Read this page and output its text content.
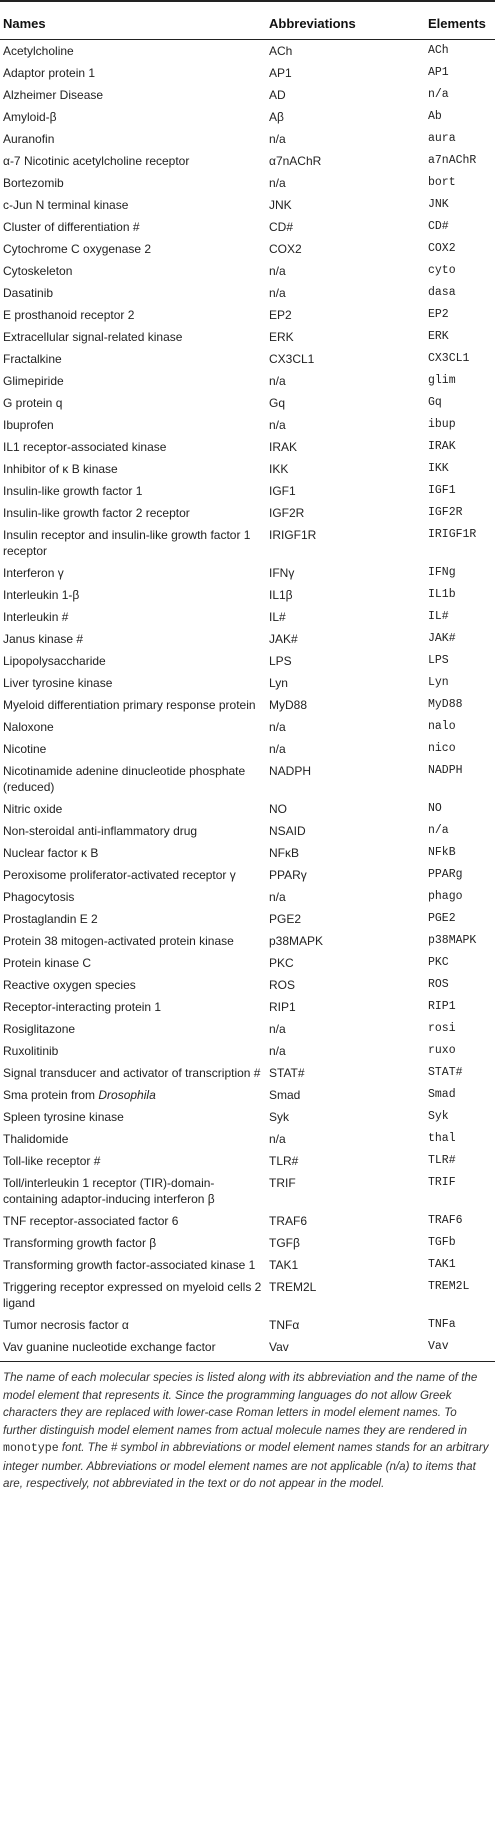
Names	Abbreviations	Elements
Acetylcholine	ACh	ACh
Adaptor protein 1	AP1	AP1
Alzheimer Disease	AD	n/a
Amyloid-β	Aβ	Ab
Auranofin	n/a	aura
α-7 Nicotinic acetylcholine receptor	α7nAChR	a7nAChR
Bortezomib	n/a	bort
c-Jun N terminal kinase	JNK	JNK
Cluster of differentiation #	CD#	CD#
Cytochrome C oxygenase 2	COX2	COX2
Cytoskeleton	n/a	cyto
Dasatinib	n/a	dasa
E prosthanoid receptor 2	EP2	EP2
Extracellular signal-related kinase	ERK	ERK
Fractalkine	CX3CL1	CX3CL1
Glimepiride	n/a	glim
G protein q	Gq	Gq
Ibuprofen	n/a	ibup
IL1 receptor-associated kinase	IRAK	IRAK
Inhibitor of κ B kinase	IKK	IKK
Insulin-like growth factor 1	IGF1	IGF1
Insulin-like growth factor 2 receptor	IGF2R	IGF2R
Insulin receptor and insulin-like growth factor 1 receptor	IRIGF1R	IRIGF1R
Interferon γ	IFNγ	IFNg
Interleukin 1-β	IL1β	IL1b
Interleukin #	IL#	IL#
Janus kinase #	JAK#	JAK#
Lipopolysaccharide	LPS	LPS
Liver tyrosine kinase	Lyn	Lyn
Myeloid differentiation primary response protein	MyD88	MyD88
Naloxone	n/a	nalo
Nicotine	n/a	nico
Nicotinamide adenine dinucleotide phosphate (reduced)	NADPH	NADPH
Nitric oxide	NO	NO
Non-steroidal anti-inflammatory drug	NSAID	n/a
Nuclear factor κ B	NFκB	NFkB
Peroxisome proliferator-activated receptor γ	PPARγ	PPARg
Phagocytosis	n/a	phago
Prostaglandin E 2	PGE2	PGE2
Protein 38 mitogen-activated protein kinase	p38MAPK	p38MAPK
Protein kinase C	PKC	PKC
Reactive oxygen species	ROS	ROS
Receptor-interacting protein 1	RIP1	RIP1
Rosiglitazone	n/a	rosi
Ruxolitinib	n/a	ruxo
Signal transducer and activator of transcription #	STAT#	STAT#
Sma protein from Drosophila	Smad	Smad
Spleen tyrosine kinase	Syk	Syk
Thalidomide	n/a	thal
Toll-like receptor #	TLR#	TLR#
Toll/interleukin 1 receptor (TIR)-domain-containing adaptor-inducing interferon β	TRIF	TRIF
TNF receptor-associated factor 6	TRAF6	TRAF6
Transforming growth factor β	TGFβ	TGFb
Transforming growth factor-associated kinase 1	TAK1	TAK1
Triggering receptor expressed on myeloid cells 2 ligand	TREM2L	TREM2L
Tumor necrosis factor α	TNFα	TNFa
Vav guanine nucleotide exchange factor	Vav	Vav
The name of each molecular species is listed along with its abbreviation and the name of the model element that represents it. Since the programming languages do not allow Greek characters they are replaced with lower-case Roman letters in model element names. To further distinguish model element names from actual molecule names they are rendered in monotype font. The # symbol in abbreviations or model element names stands for an arbitrary integer number. Abbreviations or model element names are not applicable (n/a) to items that are, respectively, not abbreviated in the text or do not appear in the model.
